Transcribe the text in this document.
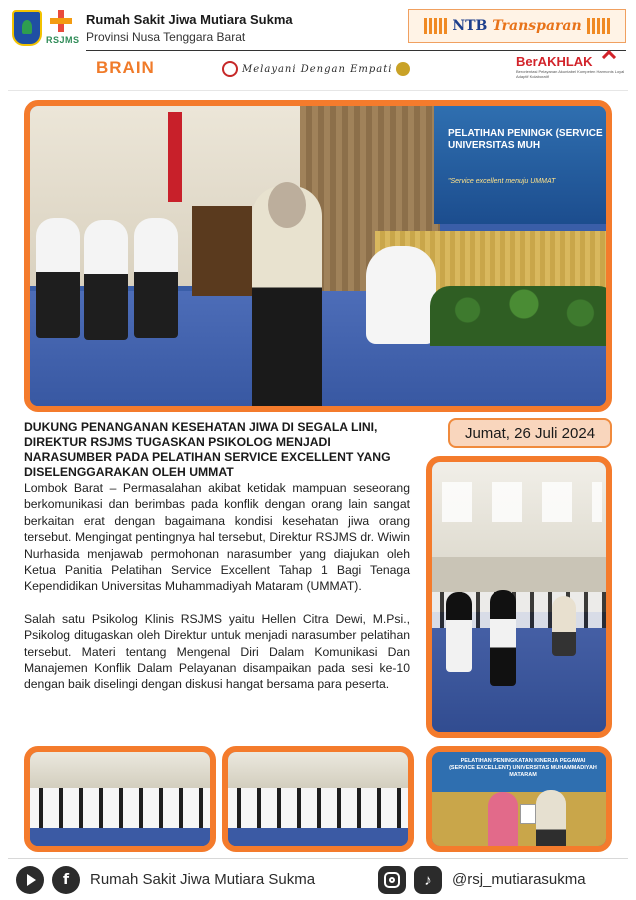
RSJMS
Rumah Sakit Jiwa Mutiara Sukma
Provinsi Nusa Tenggara Barat
NTB Transparan
BRAIN	Melayani Dengan Empati	BerAKHLAK
Berorientasi Pelayanan Akuntabel Kompeten Harmonis Loyal Adaptif Kolaboratif
PELATIHAN PENINGK (SERVICE UNIVERSITAS MUH
"Service excellent menuju UMMAT
DUKUNG PENANGANAN KESEHATAN JIWA DI SEGALA LINI, DIREKTUR RSJMS TUGASKAN PSIKOLOG MENJADI NARASUMBER PADA PELATIHAN SERVICE EXCELLENT YANG DISELENGGARAKAN OLEH UMMAT
Jumat, 26 Juli 2024

Lombok Barat – Permasalahan akibat ketidak mampuan seseorang berkomunikasi dan berimbas pada konflik dengan orang lain sangat berkaitan erat dengan bagaimana kondisi kesehatan jiwa orang tersebut. Mengingat pentingnya hal tersebut, Direktur RSJMS dr. Wiwin Nurhasida menjawab permohonan narasumber yang diajukan oleh Ketua Panitia Pelatihan Service Excellent Tahap 1 Bagi Tenaga Kependidikan Universitas Muhammadiyah Mataram (UMMAT).

Salah satu Psikolog Klinis RSJMS yaitu Hellen Citra Dewi, M.Psi., Psikolog ditugaskan oleh Direktur untuk menjadi narasumber pelatihan tersebut. Materi tentang Mengenal Diri Dalam Komunikasi Dan Manajemen Konflik Dalam Pelayanan disampaikan pada sesi ke-10 dengan baik diselingi dengan diskusi hangat bersama para peserta.

PELATIHAN PENINGKATAN KINERJA PEGAWAI (SERVICE EXCELLENT) UNIVERSITAS MUHAMMADIYAH MATARAM
f	Rumah Sakit Jiwa Mutiara Sukma	♪	@rsj_mutiarasukma
